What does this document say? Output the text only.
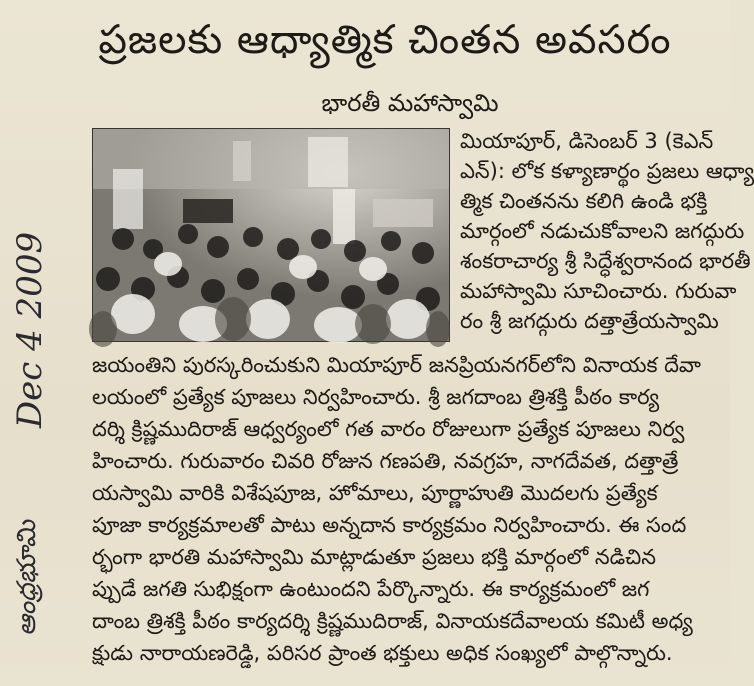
ప్రజలకు ఆధ్యాత్మిక చింతన అవసరం
భారతీ మహాస్వామి
మియాపూర్, డిసెంబర్ 3 (కెఎన్
ఎన్): లోక కళ్యాణార్థం ప్రజలు ఆధ్యా
త్మిక చింతనను కలిగి ఉండి భక్తి
మార్గంలో నడుచుకోవాలని జగద్గురు
శంకరాచార్య శ్రీ సిద్ధేశ్వరానంద భారతీ
మహాస్వామి సూచించారు. గురువా
రం శ్రీ జగద్గురు దత్తాత్రేయస్వామి
జయంతిని పురస్కరించుకుని మియాపూర్ జనప్రియనగర్‌లోని వినాయక దేవా
లయంలో ప్రత్యేక పూజలు నిర్వహించారు. శ్రీ జగదాంబ త్రిశక్తి పీఠం కార్య
దర్శి క్రిష్ణముదిరాజ్ ఆధ్వర్యంలో గత వారం రోజులుగా ప్రత్యేక పూజలు నిర్వ
హించారు. గురువారం చివరి రోజున గణపతి, నవగ్రహ, నాగదేవత, దత్తాత్రే
యస్వామి వారికి విశేషపూజ, హోమాలు, పూర్ణాహుతి మొదలగు ప్రత్యేక
పూజా కార్యక్రమాలతో పాటు అన్నదాన కార్యక్రమం నిర్వహించారు. ఈ సంద
ర్భంగా భారతి మహాస్వామి మాట్లాడుతూ ప్రజలు భక్తి మార్గంలో నడిచిన
ప్పుడే జగతి సుభిక్షంగా ఉంటుందని పేర్కొన్నారు. ఈ కార్యక్రమంలో జగ
దాంబ త్రిశక్తి పీఠం కార్యదర్శి క్రిష్ణముదిరాజ్, వినాయకదేవాలయ కమిటీ అధ్య
క్షుడు నారాయణరెడ్డి, పరిసర ప్రాంత భక్తులు అధిక సంఖ్యలో పాల్గొన్నారు.
Dec 4 2009
ఆంధ్రభూమి
